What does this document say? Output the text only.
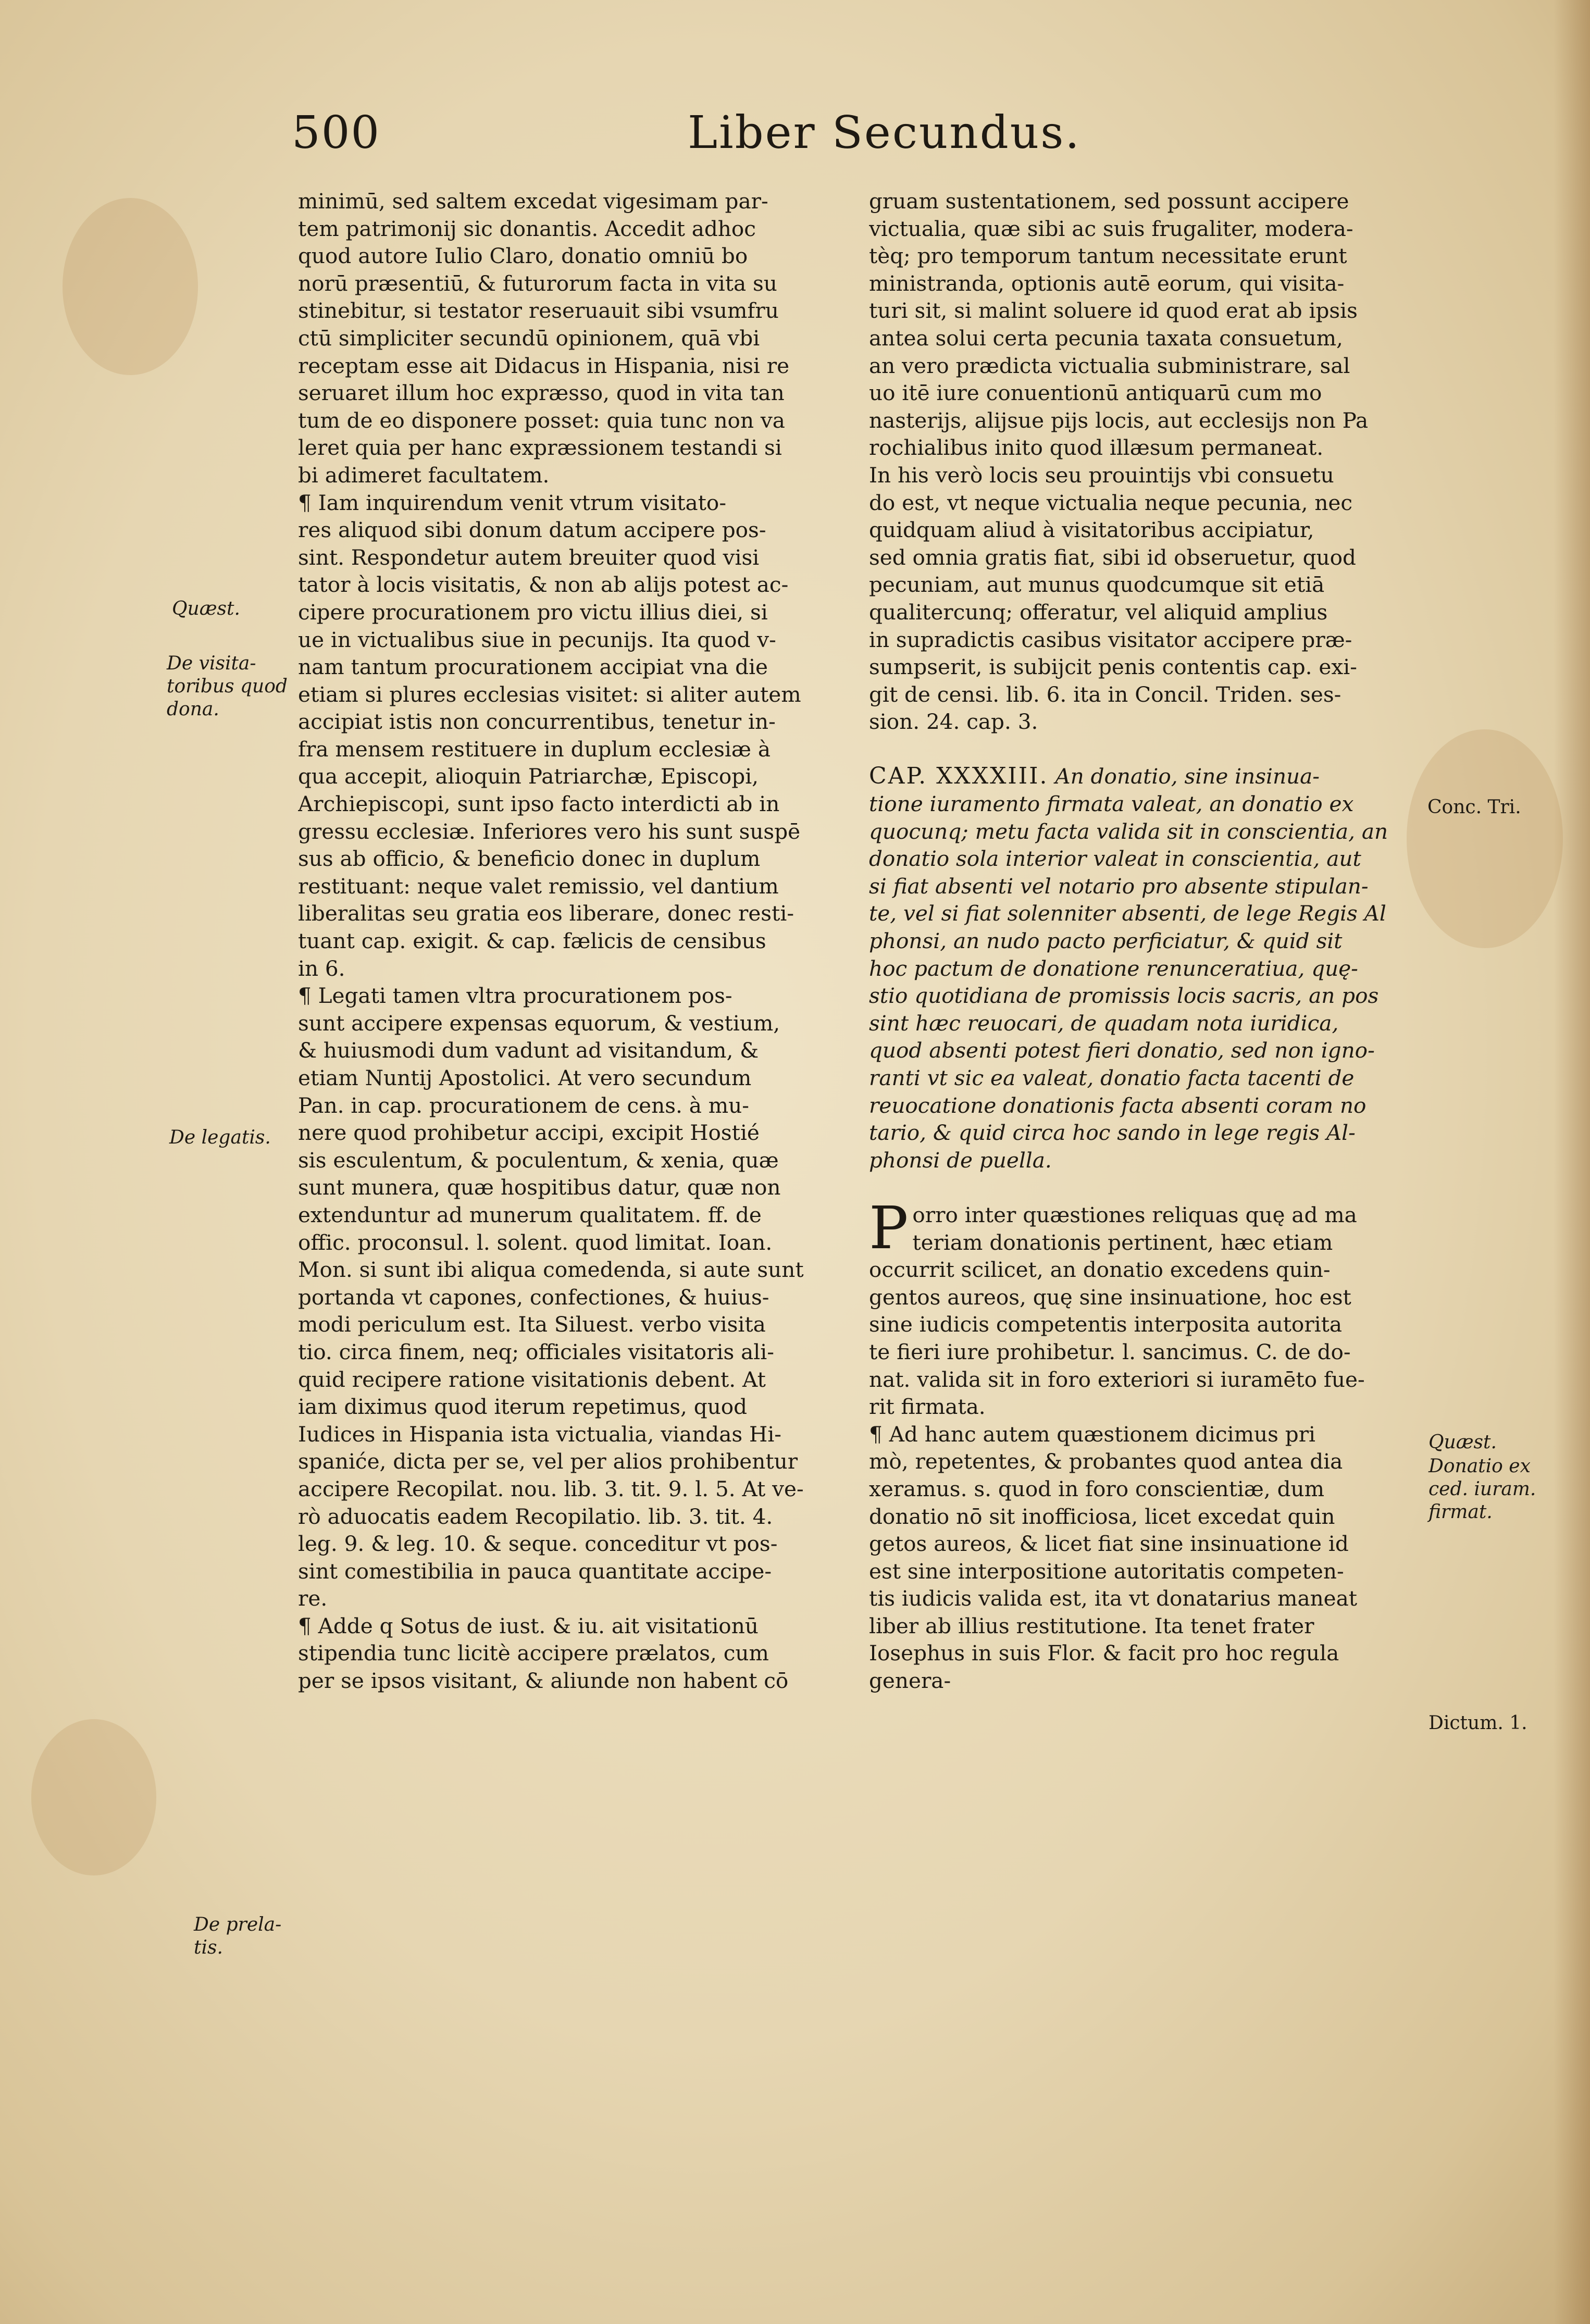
500	Liber Secundus.
minimū, sed saltem excedat vigesimam par-
tem patrimonij sic donantis. Accedit adhoc
quod autore Iulio Claro, donatio omniū bo
norū præsentiū, & futurorum facta in vita su
stinebitur, si testator reseruauit sibi vsumfru
ctū simpliciter secundū opinionem, quā vbi
receptam esse ait Didacus in Hispania, nisi re
seruaret illum hoc expræsso, quod in vita tan
tum de eo disponere posset: quia tunc non va
leret quia per hanc expræssionem testandi si
bi adimeret facultatem.
¶ Iam inquirendum venit vtrum visitato-
res aliquod sibi donum datum accipere pos-
sint. Respondetur autem breuiter quod visi
tator à locis visitatis, & non ab alijs potest ac-
cipere procurationem pro victu illius diei, si
ue in victualibus siue in pecunijs. Ita quod v-
nam tantum procurationem accipiat vna die
etiam si plures ecclesias visitet: si aliter autem
accipiat istis non concurrentibus, tenetur in-
fra mensem restituere in duplum ecclesiæ à
qua accepit, alioquin Patriarchæ, Episcopi,
Archiepiscopi, sunt ipso facto interdicti ab in
gressu ecclesiæ. Inferiores vero his sunt suspē
sus ab officio, & beneficio donec in duplum
restituant: neque valet remissio, vel dantium
liberalitas seu gratia eos liberare, donec resti-
tuant cap. exigit. & cap. fælicis de censibus
in 6.
¶ Legati tamen vltra procurationem pos-
sunt accipere expensas equorum, & vestium,
& huiusmodi dum vadunt ad visitandum, &
etiam Nuntij Apostolici. At vero secundum
Pan. in cap. procurationem de cens. à mu-
nere quod prohibetur accipi, excipit Hostié
sis esculentum, & poculentum, & xenia, quæ
sunt munera, quæ hospitibus datur, quæ non
extenduntur ad munerum qualitatem. ff. de
offic. proconsul. l. solent. quod limitat. Ioan.
Mon. si sunt ibi aliqua comedenda, si aute sunt
portanda vt capones, confectiones, & huius-
modi periculum est. Ita Siluest. verbo visita
tio. circa finem, neq; officiales visitatoris ali-
quid recipere ratione visitationis debent. At
iam diximus quod iterum repetimus, quod
Iudices in Hispania ista victualia, viandas Hi-
spaniće, dicta per se, vel per alios prohibentur
accipere Recopilat. nou. lib. 3. tit. 9. l. 5. At ve-
rò aduocatis eadem Recopilatio. lib. 3. tit. 4.
leg. 9. & leg. 10. & seque. conceditur vt pos-
sint comestibilia in pauca quantitate accipe-
re.
¶ Adde q Sotus de iust. & iu. ait visitationū
stipendia tunc licitè accipere prælatos, cum
per se ipsos visitant, & aliunde non habent cō
gruam sustentationem, sed possunt accipere
victualia, quæ sibi ac suis frugaliter, modera-
tèq; pro temporum tantum necessitate erunt
ministranda, optionis autē eorum, qui visita-
turi sit, si malint soluere id quod erat ab ipsis
antea solui certa pecunia taxata consuetum,
an vero prædicta victualia subministrare, sal
uo itē iure conuentionū antiquarū cum mo
nasterijs, alijsue pijs locis, aut ecclesijs non Pa
rochialibus inito quod illæsum permaneat.
In his verò locis seu prouintijs vbi consuetu
do est, vt neque victualia neque pecunia, nec
quidquam aliud à visitatoribus accipiatur,
sed omnia gratis fiat, sibi id obseruetur, quod
pecuniam, aut munus quodcumque sit etiā
qualitercunq; offeratur, vel aliquid amplius
in supradictis casibus visitator accipere præ-
sumpserit, is subijcit penis contentis cap. exi-
git de censi. lib. 6. ita in Concil. Triden. ses-
sion. 24. cap. 3.
CAP. XXXXIII. An donatio, sine insinua-
tione iuramento firmata valeat, an donatio ex
quocunq; metu facta valida sit in conscientia, an
donatio sola interior valeat in conscientia, aut
si fiat absenti vel notario pro absente stipulan-
te, vel si fiat solenniter absenti, de lege Regis Al
phonsi, an nudo pacto perficiatur, & quid sit
hoc pactum de donatione renunceratiua, quę-
stio quotidiana de promissis locis sacris, an pos
sint hæc reuocari, de quadam nota iuridica,
quod absenti potest fieri donatio, sed non igno-
ranti vt sic ea valeat, donatio facta tacenti de
reuocatione donationis facta absenti coram no
tario, & quid circa hoc sando in lege regis Al-
phonsi de puella.
P orro inter quæstiones reliquas quę ad ma
teriam donationis pertinent, hæc etiam
occurrit scilicet, an donatio excedens quin-
gentos aureos, quę sine insinuatione, hoc est
sine iudicis competentis interposita autorita
te fieri iure prohibetur. l. sancimus. C. de do-
nat. valida sit in foro exteriori si iuramēto fue-
rit firmata.
¶ Ad hanc autem quæstionem dicimus pri
mò, repetentes, & probantes quod antea dia
xeramus. s. quod in foro conscientiæ, dum
donatio nō sit inofficiosa, licet excedat quin
getos aureos, & licet fiat sine insinuatione id
est sine interpositione autoritatis competen-
tis iudicis valida est, ita vt donatarius maneat
liber ab illius restitutione. Ita tenet frater
Iosephus in suis Flor. & facit pro hoc regula
genera-
Quæst.
De visita-
toribus quod
dona.
De legatis.
De prela-
tis.
Conc. Tri.
Quæst.
Donatio ex
ced. iuram.
firmat.
Dictum. 1.
